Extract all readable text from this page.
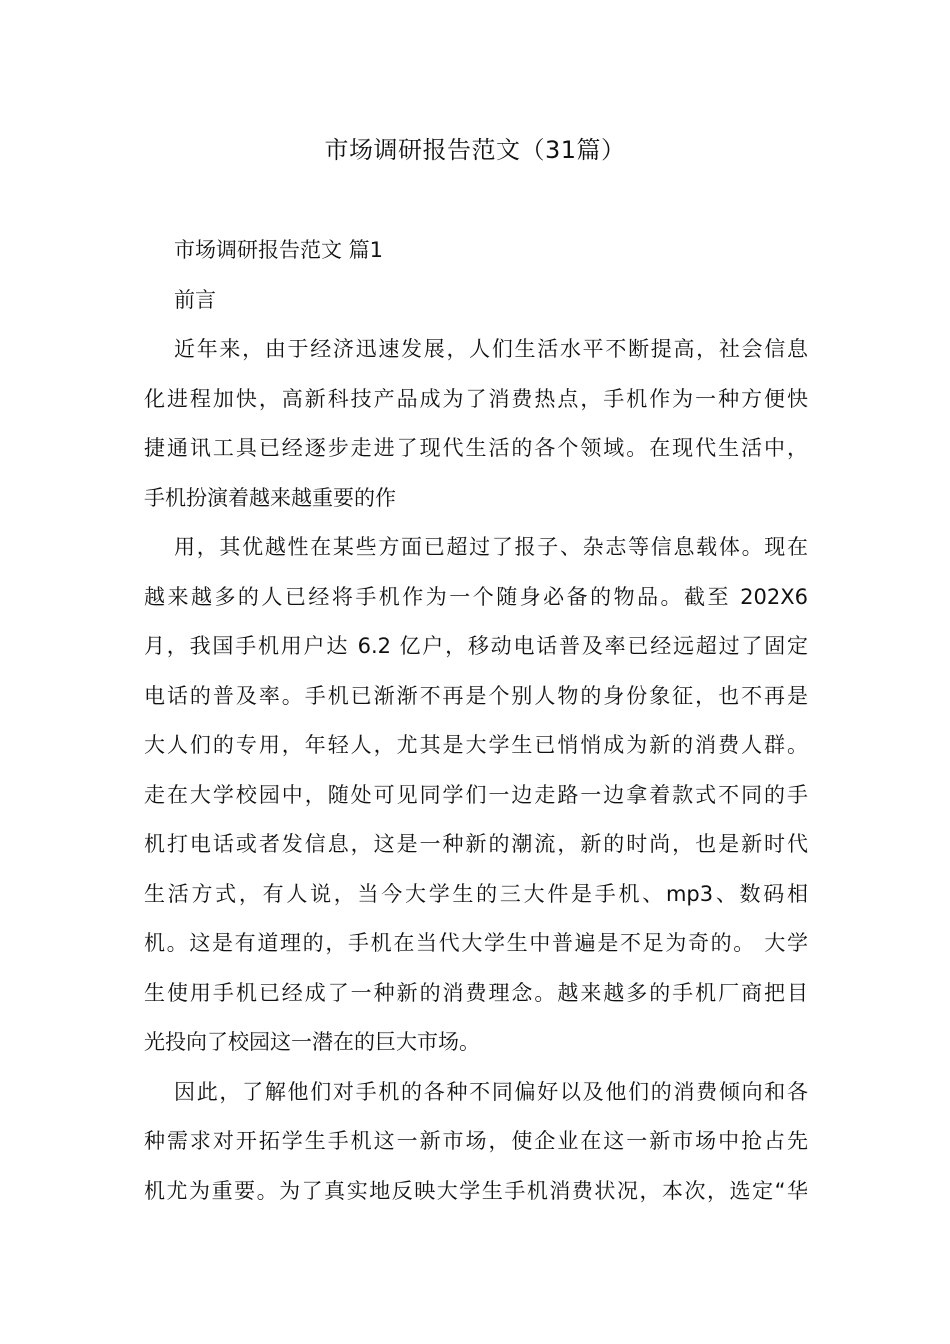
市场调研报告范文（31篇）
市场调研报告范文 篇1
前言
近年来，由于经济迅速发展，人们生活水平不断提高，社会信息
化进程加快，高新科技产品成为了消费热点，手机作为一种方便快
捷通讯工具已经逐步走进了现代生活的各个领域。在现代生活中，
手机扮演着越来越重要的作
用，其优越性在某些方面已超过了报子、杂志等信息载体。现在
越来越多的人已经将手机作为一个随身必备的物品。截至 202X6
月，我国手机用户达 6.2 亿户，移动电话普及率已经远超过了固定
电话的普及率。手机已渐渐不再是个别人物的身份象征，也不再是
大人们的专用，年轻人，尤其是大学生已悄悄成为新的消费人群。
走在大学校园中，随处可见同学们一边走路一边拿着款式不同的手
机打电话或者发信息，这是一种新的潮流，新的时尚，也是新时代
生活方式，有人说，当今大学生的三大件是手机、mp3、数码相
机。这是有道理的，手机在当代大学生中普遍是不足为奇的。 大学
生使用手机已经成了一种新的消费理念。越来越多的手机厂商把目
光投向了校园这一潜在的巨大市场。
因此，了解他们对手机的各种不同偏好以及他们的消费倾向和各
种需求对开拓学生手机这一新市场，使企业在这一新市场中抢占先
机尤为重要。为了真实地反映大学生手机消费状况，本次，选定“华
